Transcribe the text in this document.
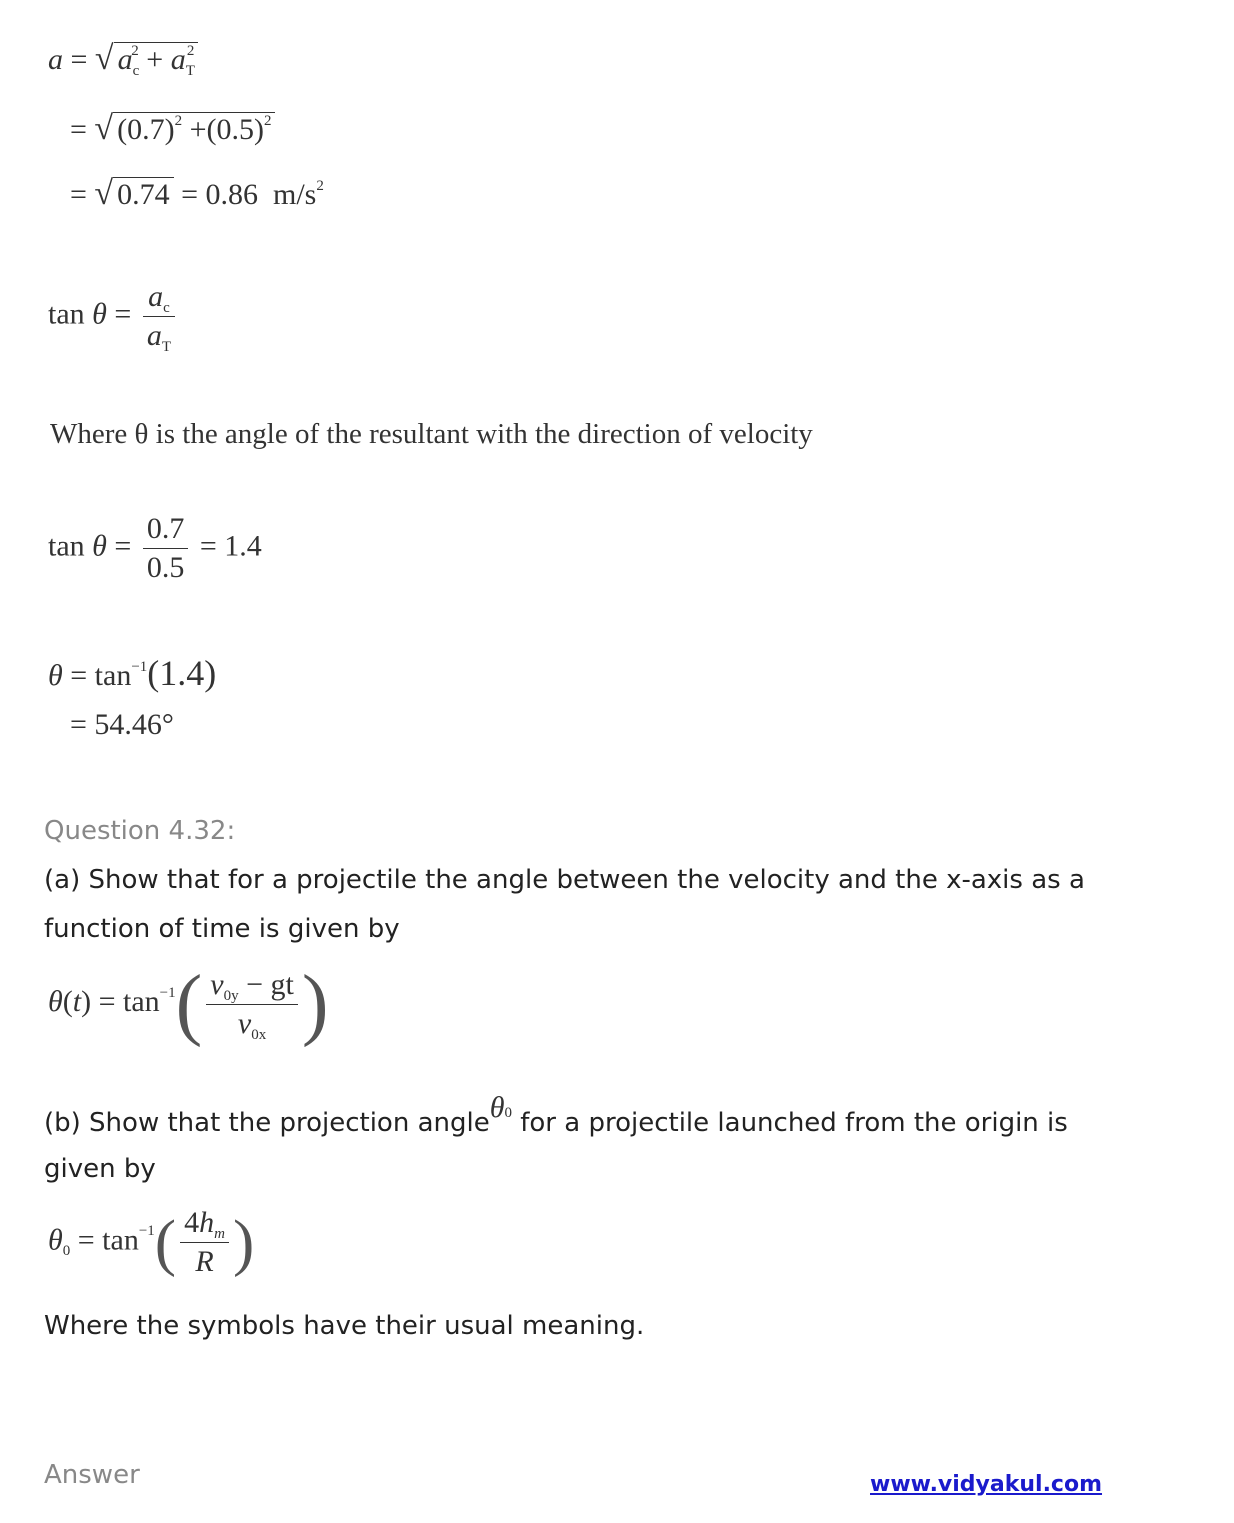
a = √ $a_c^2 + a_T^2$
= √ $(0.7)^2 +(0.5)^2$
= √ 0.74 = 0.86 $m/s^2$
$\tan \theta = \frac{a_c}{a_T}$
Where θ is the angle of the resultant with the direction of velocity
$\tan \theta = \frac{0.7}{0.5} = 1.4$
$\theta = \tan^{-1}(1.4)$
= 54.46°
Question 4.32:
(a) Show that for a projectile the angle between the velocity and the x-axis as a
function of time is given by
$\theta(t) = \tan^{-1}( \frac{v_{0y} - gt}{v_{0x}}$ )
(b) Show that the projection angleθ0 for a projectile launched from the origin is
given by
$\theta_0 = \tan^{-1}( \frac{4h_m}{R}$ )
Where the symbols have their usual meaning.
Answer	www.vidyakul.com
